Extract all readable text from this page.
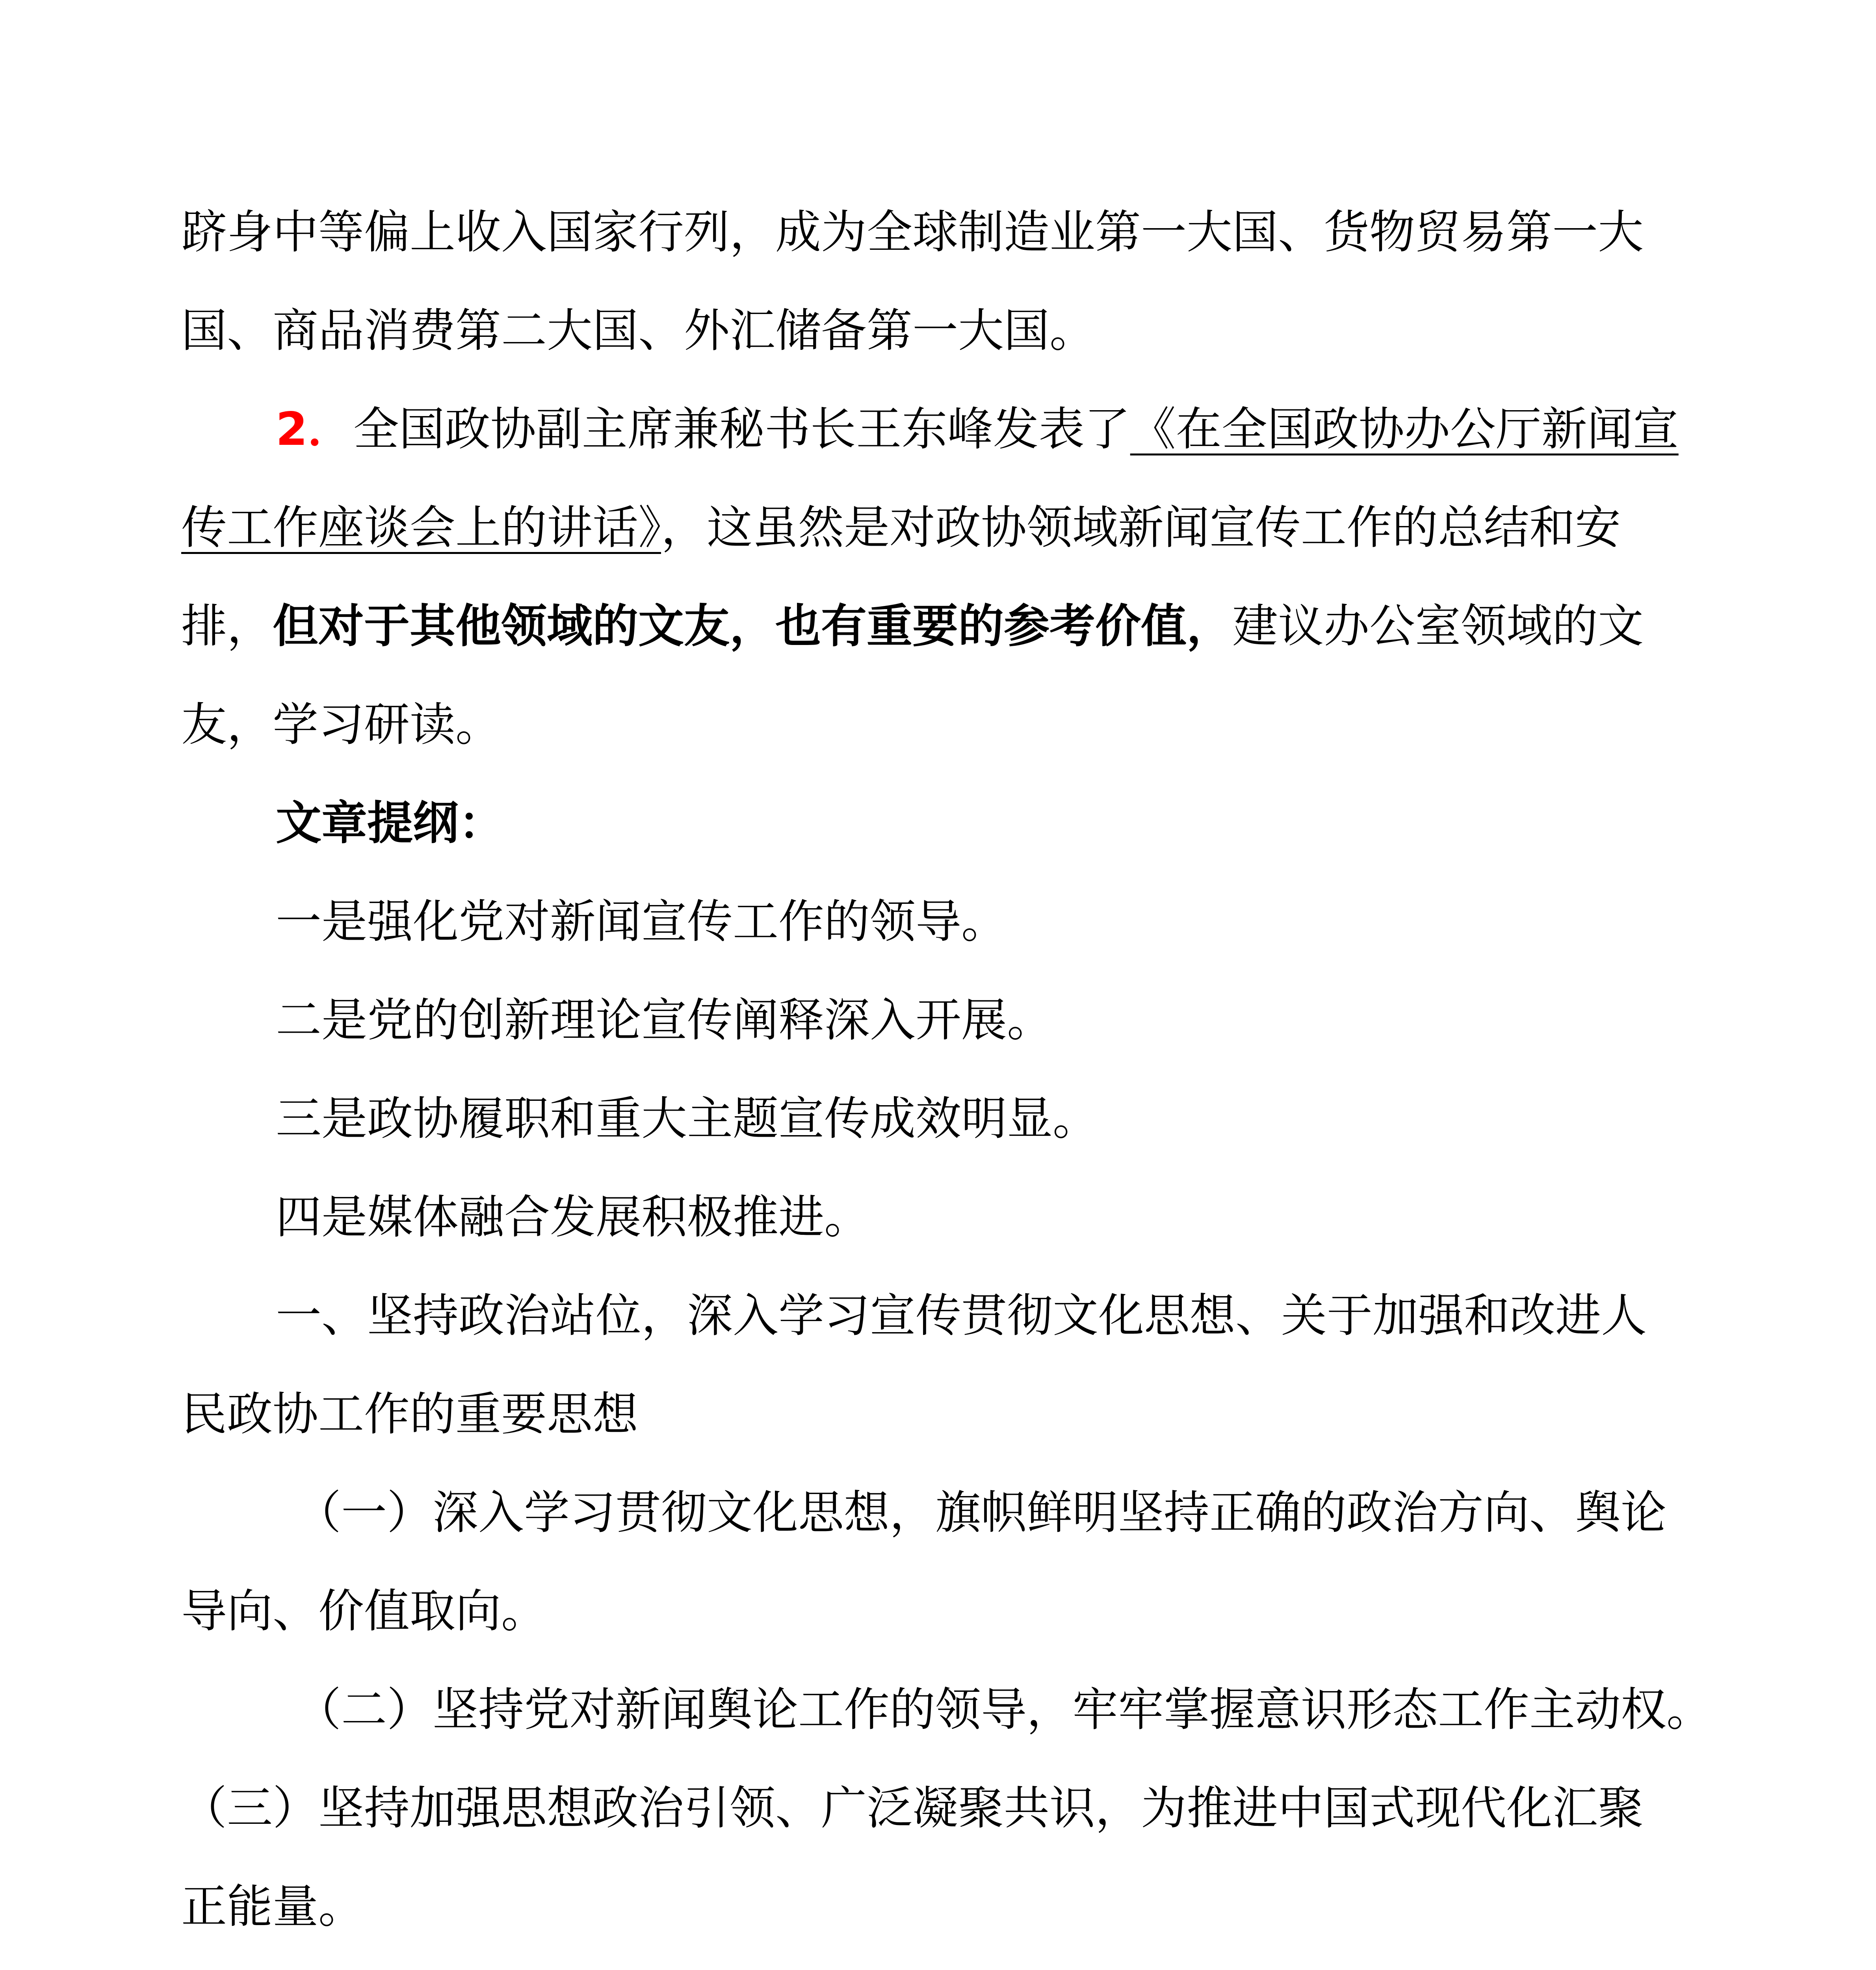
跻身中等偏上收入国家行列，成为全球制造业第一大国、货物贸易第一大
国、商品消费第二大国、外汇储备第一大国。
2．全国政协副主席兼秘书长王东峰发表了《在全国政协办公厅新闻宣
传工作座谈会上的讲话》，这虽然是对政协领域新闻宣传工作的总结和安
排，但对于其他领域的文友，也有重要的参考价值，建议办公室领域的文
友，学习研读。
文章提纲：
一是强化党对新闻宣传工作的领导。
二是党的创新理论宣传阐释深入开展。
三是政协履职和重大主题宣传成效明显。
四是媒体融合发展积极推进。
一、坚持政治站位，深入学习宣传贯彻文化思想、关于加强和改进人
民政协工作的重要思想
（一）深入学习贯彻文化思想，旗帜鲜明坚持正确的政治方向、舆论
导向、价值取向。
（二）坚持党对新闻舆论工作的领导，牢牢掌握意识形态工作主动权。
（三）坚持加强思想政治引领、广泛凝聚共识，为推进中国式现代化汇聚
正能量。
